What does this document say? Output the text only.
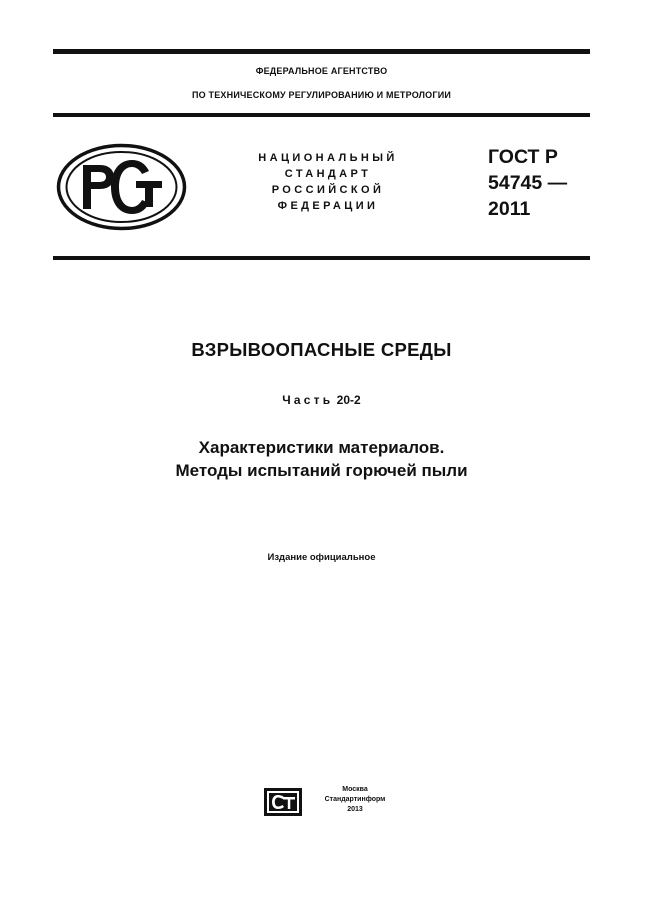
ФЕДЕРАЛЬНОЕ АГЕНТСТВО
ПО ТЕХНИЧЕСКОМУ РЕГУЛИРОВАНИЮ И МЕТРОЛОГИИ
НАЦИОНАЛЬНЫЙ
СТАНДАРТ
РОССИЙСКОЙ
ФЕДЕРАЦИИ
ГОСТ Р
54745 —
2011
ВЗРЫВООПАСНЫЕ СРЕДЫ
Часть 20-2
Характеристики материалов.
Методы испытаний горючей пыли
Издание официальное
Москва
Стандартинформ
2013
